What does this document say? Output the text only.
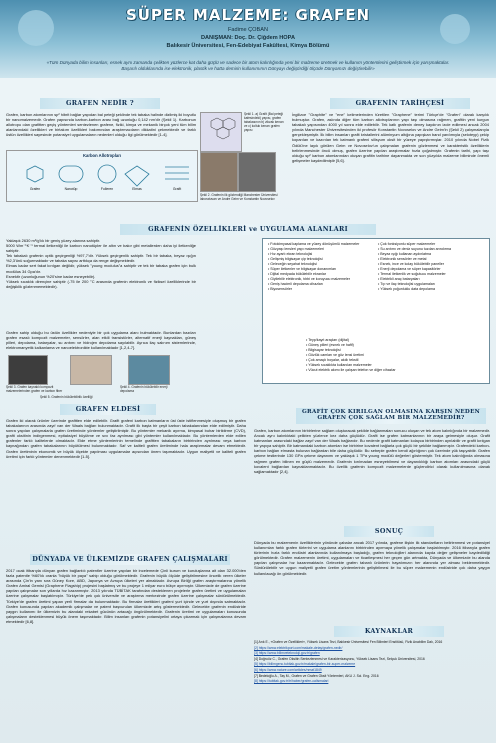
SÜPER MALZEME: GRAFEN
Fadime ÇOBAN
DANIŞMAN: Doç. Dr. Çiğdem HOPA
Balıkesir Üniversitesi, Fen-Edebiyat Fakültesi, Kimya Bölümü
«Tüm Dünyada bilim insanları, esnek aynı zamanda çelikten yüzlerce kat daha güçlü ve sadece bir atom kalınlığında yeni bir malzeme üretmek ve kullanım yöntemlerini geliştirmek için yarışmaktalar. Başarılı olduklarında ise elektronik, plastik ve hatta demirin kullanımının Dünyayı değiştirdiği ölçüde Dünyamızı değiştirebilir»
GRAFEN NEDİR ?
Grafen, karbon atomlarının sp² hibrit bağlar yapıdan bal peteği şeklinde tek tabaka halinde dizilmiş iki boyutlu bir nanomalzemedir. Grafen yapısında karbon-karbon arası bağ uzunluğu 0,142 nm'dir (Şekil 1). Karbonun allotropu olan grafitten geçiş yöntemleri sentezlenen grafene, fiziki, kimya ve mekanik birçok yeni tüm bilim alanlarındaki özellikleri ve birtakım özellikleri bakımından araştırmacıların dikkatini çekmektedir ve farklı üstün özellikleri sayesinde potansiyel uygulamaların nedenleri olduğu ilgi görülmektedir [1-4].
Karbon Allotropları
Grafen	Nanotüp	Fulleren	Elmas	Grafit
Şekil 2. Grafenin ilk gözlendiği Manchester Üniversitesi laboratuvarı ve Andre Geim ve Konstantin Novoselov
Şekil 1. a) Grafit (Bal peteği kafesindeki) yapısı, grafen tabakasının b) zikzak kenarı ve c) koltuk kenarı grafen yapısı
GRAFENİN TARİHÇESİ
İngilizce "Graphite" ve "ene" kelimelerinden türetilen "Graphene" terimi Türkçe'de "Grafen" olarak karşılık bulmuştur. Grafen, aslında diğer tüm karbon allotroplarının yapı taşı olmasına rağmen, grafitin yeni kurgun tabakalı yapısından 4000 yıl sonra elde edilebilir. Tek katlı grafenin deney kaydının izole edilmesi ancak 2004 yılında Manchester Üniversitesinden iki profesör Konstantin Novoselov ve Andre Geim'in (Şekil 2) çalışmalarıyla gerçekleşmiştir. İlk bilim insanları grafit kristallerini alüminyum altığına yapışkan band yardımıyla (seloteyp) çekip koparılan ve kazırılan tek katmanlı grafeni silisyum oksit bir yüzeye yapıştırmışlar. 2010 yılında Nobel Fizik Ödülü'ne layık görülen Geim ve Novoselov'un çalışmaları grafenin gözlenmesi ve karakteristik özelliklerin belirlenmesinde öncü olmuş, grafen üzerine yapılan araştırmalar hızla çoğalmıştır. Grafenin tarihi, yapı taşı olduğu sp² karbon atomlarından oluşan grafitin tarihine dayanmakta ve son yüzyılda malzeme biliminde önemli gelişmeler kaydedilmiştir [5,6].
GRAFENİN ÖZELLİKLERİ ve UYGULAMA ALANLARI
Yaklaşık 2630 m²/g'lık bir geniş yüzey alanına sahiptir.
5000 Wm⁻¹K⁻¹ termal iletkenliği ile karbon nanotüpler ile altın ve bakır gibi metallerden daha iyi iletkenliğe sahiptir.
Tek tabakalı grafenin optik geçirgenliği %97,7'dir. Yüksek geçirgenlik sahiptir. Tek bir tabaka, beyaz ışığın %2,3'ünü soğurmaktadır ve tabaka sayısı arttıkça da renge değişmektedir.
Elmas kadar sert fakat kırılgan değildir, yüksek "young modulus"a sahiptir ve tek bir tabaka grafen için bulk modülus 34 Gpa'dır.
Esnektir (uzunluğunun %20'sine kadar esneyebilir).
Yüksek sıcaklık dirençine sahiptir (-75 ile 200 °C arasında grafenin elektronik ve fiziksel özelliklerinde bir değişiklik gözlenmemektedir).
Grafen sahip olduğu bu üstün özellikler nedeniyle bir çok uygulama alanı bulmaktadır. Bunlardan bazıları grafen esaslı kompozit malzemeler, sensörler, alan etkili transistörler, alternatif enerji kaynakları, güneş pilleri, depolama, bataryalar, su arıtımı ve hidrojen depolama sayılabilir. Ayrıca ilaç salınım sistemlerinde, elektromanyetik kalkanlama ve nanoelektronikte kullanılmaktadır [1,2,4-7].
Şekil 3. Grafen kaynaklı kompozit malzemelerinden grafen ve karbon fiber
Şekil 4. Grafenin bükülebilir enerji depolama
Şekil 5. Grafenin bükülebilirlik özelliği
• Fotokimyasal kaplama ve yüzey dönüşümlü malzemeler
• Gözyaşı lensleri yapı malzemeleri
• Hız ayarlı ekran teknolojisi
• Gelişmiş bilgisayar çip teknolojisi
• Geleceğin seyahat teknolojisi
• Süper iletkenler ve bilgisayar donanımları
• Dijital medyada bükülebilir ekranlar
• Giyilebilir elektronik, tıbbi ve koruyucu malzemeler
• Geniş hacimli depolama cihazları
• Biyosensörler
• Çok fonksiyonlu süper malzemeler
• Su arıtımı ve deniz suyunu tuzdan arındırma
• Beyaz ışığı kullanan aydınlatma
• Elektronik sensörler ve metal
• Esnek, ince ve kolay bükülebilir paneller
• Enerji depolama ve süper kapasitörler
• Termal iletkenlik ve soğutucu malzemeler
• Elektrikli araç bataryaları
• Tıp ve ilaç teknolojisi uygulamaları
• Yüksek yoğunluklu data depolama
• Teyp/kayıt araçları (dijital)
• Güneş pilleri (esnek ve hafif)
• Bilgisayar teknolojisi
• Gözlük camları ve göz lensi üretimi
• Çok amaçlı boyalar, akıllı tekstil
• Yüksek sıcaklıkta kullanılan malzemeler
• Vücut elektrik akımı ile çalışan telefon ve diğer cihazlar
GRAFEN ELDESİ
Grafen iki olarak ürünler üzerinde grafitten elde edilebilir. Grafit grafeni karbon katmanların üst üste istiflenmesiyle oluşmuş bir grafen tabakalarının arasında zayıf van der Waals bağları bulunmaktadır. Grafit ilk başta bir çeşit karbon tabakalarından elde edilmiştir. Daha sonra yapılan çalışmalarla grafen üretiminde yöntemler geliştirilmiştir. Bu yöntemler mekanik ayırma, kimyasal buhar biriktirme (CVD), grafit oksitinin indirgenmesi, epitaksiyel büyütme ve sıvı faz ayrılması gibi yöntemler kullanılmaktadır. Bu yöntemlerden elde edilen grafenler farklı kalitelerde olmaktadır. Elde etme yöntemlerinin temelinde grafitten tabakaların birbirinden ayrılması veya karbon kaynağından grafen tabakalarının büyütülmesi bulunmaktadır. Saf ve kaliteli grafen üretiminde hala araştırmalar devam etmektedir. Grafen üretiminin ekonomik ve büyük ölçekte yapılması uygulamalar açısından önem taşımaktadır. Uygun maliyetli ve kaliteli grafen üretimi için farklı yöntemler denenmektedir [1-5].
DÜNYADA VE ÜLKEMİZDE GRAFEN ÇALIŞMALARI
2017 ocak itibarıyla dünyan grafen bağlantılı patentler üzerine yapılan bir incelemede Çinli kurum ve kuruluşlarına ait olan 32.000'den fazla patentle %60'lık oranla "büyük bir paya" sahip olduğu görülmektedir. Grafenin büyük ölçüde geliştirilmesine öncelik veren ülkeler arasında Çin'in yanı sıra Güney Kore, ABD, Japonya ve Avrupa ülkeleri yer almaktadır. Avrupa Birliği grafen araştırmalarına yönelik Grafen Amiral Gemisi (Graphene Flagship) projesini başlatmış ve bu projeye 1 milyar euro bütçe ayırmıştır. Ülkemizde de grafen üzerine yapılan çalışmalar son yıllarda hız kazanmıştır. 2013 yılında TÜBİTAK tarafından desteklenen projelerle grafen üretimi ve uygulamaları üzerine çalışmalar başlatılmıştır. Türkiye'de pek çok üniversite ve araştırma merkezinde grafen üzerine çalışmalar sürdürülmektedir. Türkiye'de grafen üretimi yapan yerli firmalar da bulunmaktadır. Bu firmalar ürettikleri grafeni yurt içinde ve yurt dışında satmaktadır. Grafen konusunda yapılan akademik çalışmalar ve patent başvuruları ülkemizde artış göstermektedir. Gelecekte grafenin endüstride yaygın kullanımı ile ülkemizin bu alandaki rekabet gücünün artacağı öngörülmektedir. Grafenin üretimi ve uygulamaları konusunda çalışmaların desteklenmesi büyük önem taşımaktadır. Bilim insanları grafenin potansiyelini ortaya çıkarmak için çalışmalarına devam etmektedir [6,8].
GRAFİT ÇOK KIRILGAN OLMASINA KARŞIN NEDEN GRAFEN ÇOK SAĞLAM BİR MALZEMEDİR?
Grafen, karbon atomlarının birbirlerine sağlam oluşturacak şekilde bağlanmaları sonucu oluşan ve tek atom kalınlığında bir malzemedir. Ancak aynı kalınlıktaki çelikten yüzlerce kez daha güçlüdür. Grafit ise grafen katmanlarının bir araya gelmesiyle oluşur. Grafit katmanları arasındaki bağlar zayıf van der Waals bağlarıdır. Bu nedenle grafit katmanları kolayca birbirinden ayrılabilir ve grafit kırılgan bir yapıya sahiptir. Bir katmandaki karbon atomları ise birbirine kovalent bağlarla çok güçlü bir şekilde bağlanmıştır. Grafendeki karbon-karbon bağları elmasta bulunan bağlardan bile daha güçlüdür. Bu sebeple grafen kendi ağırlığının çok üzerinde yük taşıyabilir. Grafen çekme testlerinde 130 GPa çekme dayanımı ve yaklaşık 1 TPa young modülü değerleri göstermiştir. Tek atom kalınlığında olmasına rağmen grafen bilinen en güçlü malzemedir. Grafenin kırılmadan esneyebilmesi ve dayanıklılığı karbon atomları arasındaki güçlü kovalent bağlardan kaynaklanmaktadır. Bu özellik grafenin kompozit malzemelerde güçlendirici olarak kullanılmasına olanak sağlamaktadır [2,4].
SONUÇ
Dünyada bu malzemenin özelliklerinin yönünde çabalar ancak 2017 yılında, grafene ilişkin ilk standartların belirlenmesi ve potansiyel kullanımları farklı grafen türlerini ve uygulama alanlarını birbirinden ayırmaya yönelik çalışmalar başlatılmıştır. 2016 itibarıyla grafen türlerinin hızla farklı endüstri alanlarında kullanılmaya başladığı, grafen teknolojileri alanında kayda değer gelişmeler kaydedildiği görülmektedir. Grafen malzemenin üretimi, uygulamaları ve ticarileşmesi her geçen gün artmakta, Dünyada ve ülkemizde bu alanda yapılan çalışmalar hız kazanmaktadır. Gelecekte grafen tabanlı ürünlerin hayatımızın her alanında yer alması beklenmektedir. Sürdürülebilir ve uygun maliyetli grafen üretim yöntemlerinin geliştirilmesi ile bu süper malzemenin endüstride çok daha yaygın kullanılacağı ön görülmektedir.
KAYNAKLAR
[1] Arık E., «Grafen ve Özellikleri», Yüksek Lisans Tezi, Balıkesir Üniversitesi Fen Bilimleri Enstitüsü, Fizik Anabilim Dalı, 2016
[2] https://www.elektrikport.com/makale-detay/grafen-nedir/
[3] https://www.bilimveteknoloji.gov.tr/grafen
[4] Doğruöz C., Grafen Oksitin Sentezlenmesi ve Karakterizasyonu, Yüksek Lisans Tezi, Selçuk Üniversitesi, 2016
[5] https://bilimgenc.tubitak.gov.tr/makale/grafen-bir-super-malzeme
[6] https://www.nature.com/articles/nmat1849
[7] Bedeloğlu A., Taş M., Grafen ve Grafen Oksit Yöntemleri, AKU J. Sci. Eng. 2016
[8] https://tubitak.gov.tr/tr/haber/grafen-calismalari
